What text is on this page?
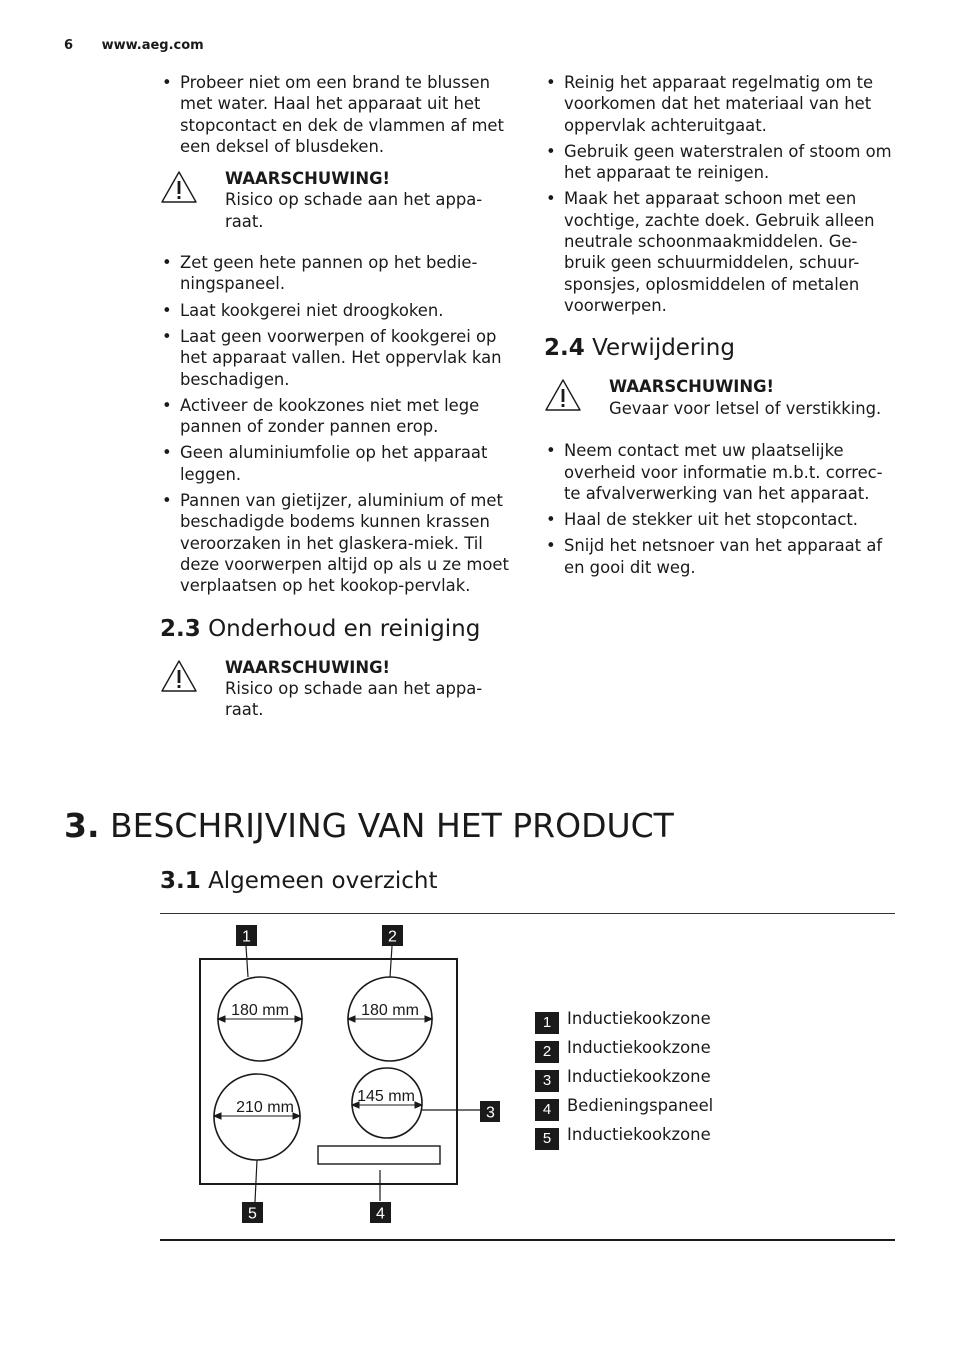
6 www.aeg.com
• Probeer niet om een brand te blussen met water. Haal het apparaat uit het stopcontact en dek de vlammen af met een deksel of blusdeken.
WAARSCHUWING!
Risico op schade aan het appa-raat.
• Zet geen hete pannen op het bedie-ningspaneel.
• Laat kookgerei niet droogkoken.
• Laat geen voorwerpen of kookgerei op het apparaat vallen. Het oppervlak kan beschadigen.
• Activeer de kookzones niet met lege pannen of zonder pannen erop.
• Geen aluminiumfolie op het apparaat leggen.
• Pannen van gietijzer, aluminium of met beschadigde bodems kunnen krassen veroorzaken in het glaskera-miek. Til deze voorwerpen altijd op als u ze moet verplaatsen op het kookop-pervlak.
2.3 Onderhoud en reiniging
WAARSCHUWING!
Risico op schade aan het appa-raat.
• Reinig het apparaat regelmatig om te voorkomen dat het materiaal van het oppervlak achteruitgaat.
• Gebruik geen waterstralen of stoom om het apparaat te reinigen.
• Maak het apparaat schoon met een vochtige, zachte doek. Gebruik alleen neutrale schoonmaakmiddelen. Ge-bruik geen schuurmiddelen, schuur-sponsjes, oplosmiddelen of metalen voorwerpen.
2.4 Verwijdering
WAARSCHUWING!
Gevaar voor letsel of verstikking.
• Neem contact met uw plaatselijke overheid voor informatie m.b.t. correc-te afvalverwerking van het apparaat.
• Haal de stekker uit het stopcontact.
• Snijd het netsnoer van het apparaat af en gooi dit weg.
3. BESCHRIJVING VAN HET PRODUCT
3.1 Algemeen overzicht
180 mm	180 mm
210 mm
145 mm
1	2
3
4
5
1 Inductiekookzone
2 Inductiekookzone
3 Inductiekookzone
4 Bedieningspaneel
5 Inductiekookzone
